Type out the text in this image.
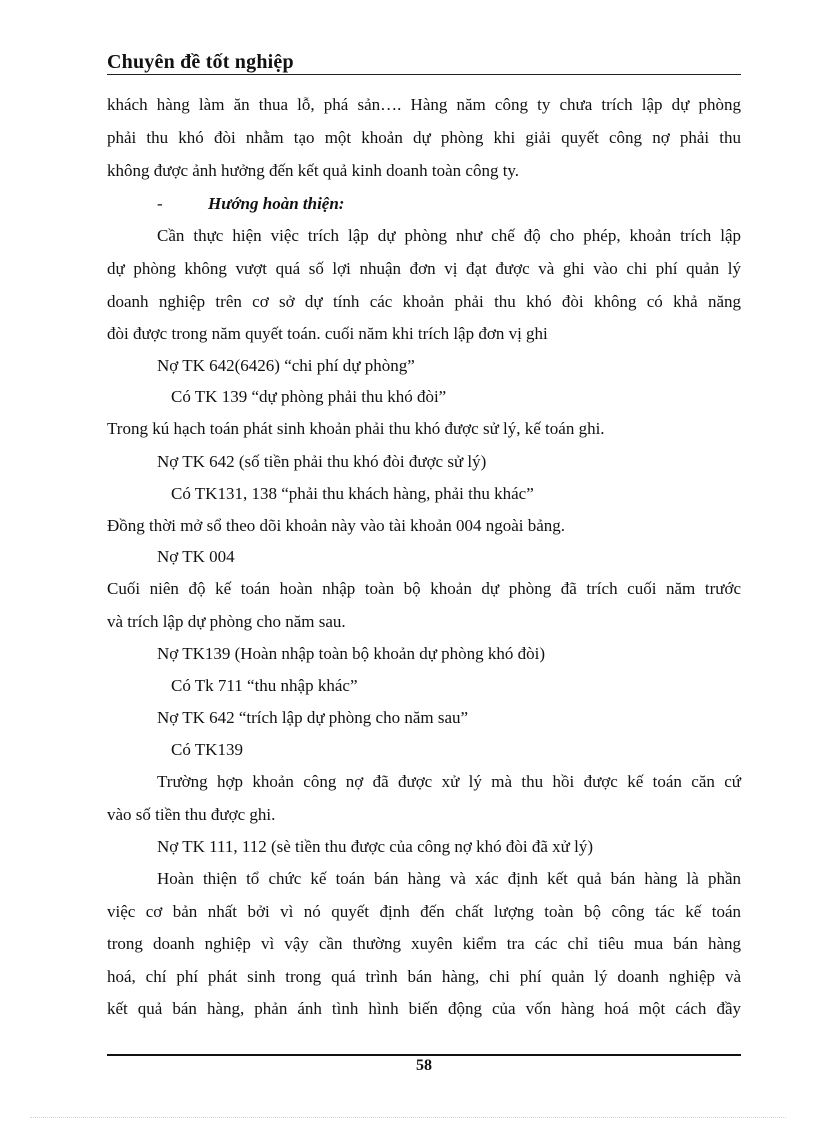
Chuyên đề tốt nghiệp
khách hàng làm ăn thua lỗ, phá sản…. Hàng năm công ty chưa trích lập dự phòng
phải thu khó đòi nhằm tạo một khoản dự phòng khi giải quyết công nợ phải thu
không được ảnh hưởng đến kết quả kinh doanh toàn công ty.
-	Hướng hoàn thiện:
Cần thực hiện việc trích lập dự phòng như chế độ cho phép, khoản trích lập
dự phòng không vượt quá số lợi nhuận đơn vị đạt được và ghi vào chi phí quản lý
doanh nghiệp trên cơ sở dự tính các khoản phải thu khó đòi không có khả năng
đòi được trong năm quyết toán. cuối năm khi trích lập đơn vị ghi
Nợ TK 642(6426) “chi phí dự phòng”
Có TK 139 “dự phòng phải thu khó đòi”
Trong kú hạch toán phát sinh khoản phải thu khó được sử lý, kế toán ghi.
Nợ TK 642 (số tiền phải thu khó đòi được sử lý)
Có TK131, 138 “phải thu khách hàng, phải thu khác”
Đồng thời mở sổ theo dõi khoản này vào tài khoản 004 ngoài bảng.
Nợ TK 004
Cuối niên độ kế toán hoàn nhập toàn bộ khoản dự phòng đã trích cuối năm trước
và trích lập dự phòng cho năm sau.
Nợ TK139 (Hoàn nhập toàn bộ khoản dự phòng khó đòi)
Có Tk 711 “thu nhập khác”
Nợ TK 642 “trích lập dự phòng cho năm sau”
Có TK139
Trường hợp khoản công nợ đã được xử lý mà thu hồi được kế toán căn cứ
vào số tiền thu được ghi.
Nợ TK 111, 112 (sè tiền thu được của công nợ khó đòi đã xử lý)
Hoàn thiện tổ chức kế toán bán hàng và xác định kết quả bán hàng là phần
việc cơ bản nhất bởi vì nó quyết định đến chất lượng toàn bộ công tác kế toán
trong doanh nghiệp vì vậy cần thường xuyên kiểm tra các chỉ tiêu mua bán hàng
hoá, chí phí phát sinh trong quá trình bán hàng, chi phí quản lý doanh nghiệp và
kết quả bán hàng, phản ánh tình hình biến động của vốn hàng hoá một cách đầy
58
